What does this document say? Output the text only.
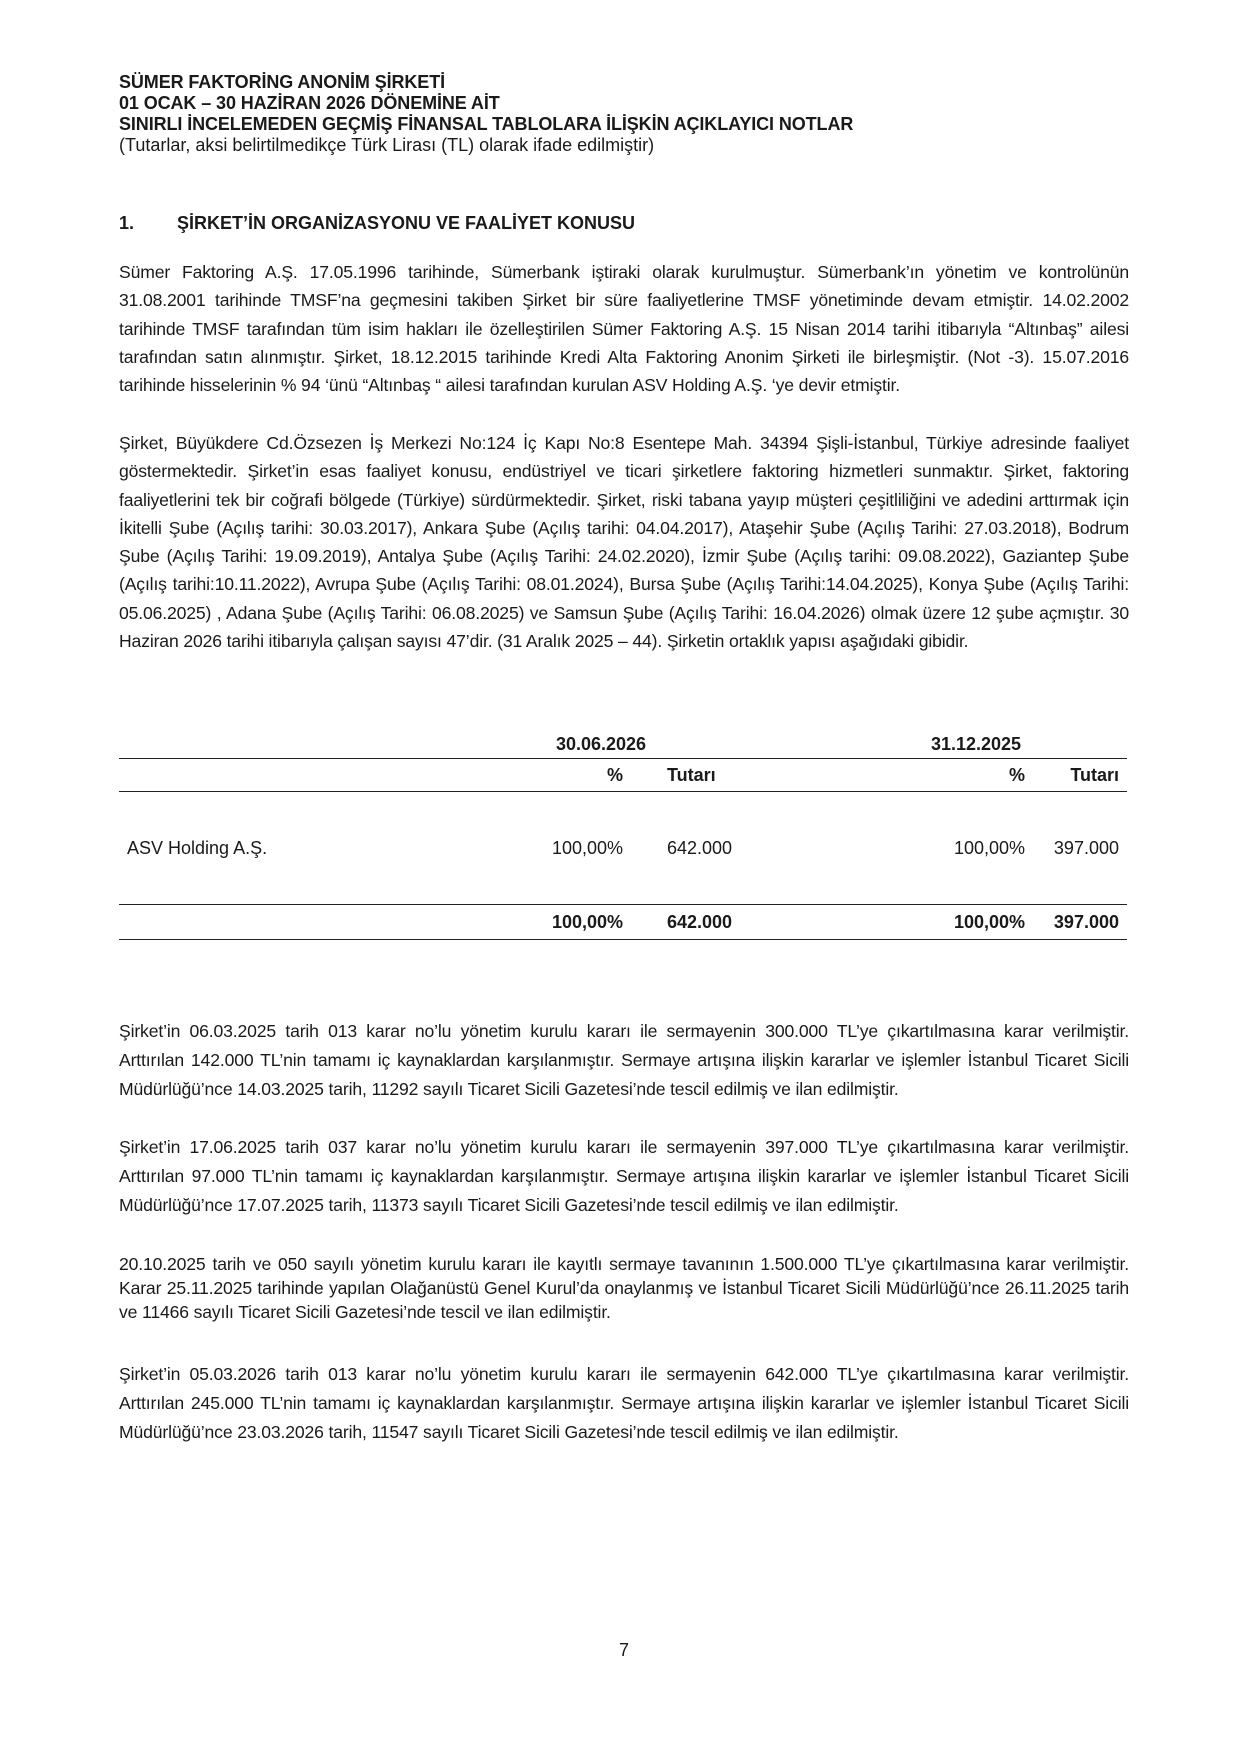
SÜMER FAKTORİNG ANONİM ŞİRKETİ
01 OCAK – 30 HAZİRAN 2026 DÖNEMİNE AİT
SINIRLI İNCELEMEDEN GEÇMİŞ FİNANSAL TABLOLARA İLİŞKİN AÇIKLAYICI NOTLAR
(Tutarlar, aksi belirtilmedikçe Türk Lirası (TL) olarak ifade edilmiştir)
1. ŞİRKET’İN ORGANİZASYONU VE FAALİYET KONUSU

Sümer Faktoring A.Ş. 17.05.1996 tarihinde, Sümerbank iştiraki olarak kurulmuştur. Sümerbank’ın yönetim ve kontrolünün 31.08.2001 tarihinde TMSF’na geçmesini takiben Şirket bir süre faaliyetlerine TMSF yönetiminde devam etmiştir. 14.02.2002 tarihinde TMSF tarafından tüm isim hakları ile özelleştirilen Sümer Faktoring A.Ş. 15 Nisan 2014 tarihi itibarıyla “Altınbaş” ailesi tarafından satın alınmıştır. Şirket, 18.12.2015 tarihinde Kredi Alta Faktoring Anonim Şirketi ile birleşmiştir. (Not -3). 15.07.2016 tarihinde hisselerinin % 94 ‘ünü “Altınbaş “ ailesi tarafından kurulan ASV Holding A.Ş. ‘ye devir etmiştir.

Şirket, Büyükdere Cd.Özsezen İş Merkezi No:124 İç Kapı No:8 Esentepe Mah. 34394 Şişli-İstanbul, Türkiye adresinde faaliyet göstermektedir. Şirket’in esas faaliyet konusu, endüstriyel ve ticari şirketlere faktoring hizmetleri sunmaktır. Şirket, faktoring faaliyetlerini tek bir coğrafi bölgede (Türkiye) sürdürmektedir. Şirket, riski tabana yayıp müşteri çeşitliliğini ve adedini arttırmak için İkitelli Şube (Açılış tarihi: 30.03.2017), Ankara Şube (Açılış tarihi: 04.04.2017), Ataşehir Şube (Açılış Tarihi: 27.03.2018), Bodrum Şube (Açılış Tarihi: 19.09.2019), Antalya Şube (Açılış Tarihi: 24.02.2020), İzmir Şube (Açılış tarihi: 09.08.2022), Gaziantep Şube (Açılış tarihi:10.11.2022), Avrupa Şube (Açılış Tarihi: 08.01.2024), Bursa Şube (Açılış Tarihi:14.04.2025), Konya Şube (Açılış Tarihi: 05.06.2025) , Adana Şube (Açılış Tarihi: 06.08.2025) ve Samsun Şube (Açılış Tarihi: 16.04.2026) olmak üzere 12 şube açmıştır. 30 Haziran 2026 tarihi itibarıyla çalışan sayısı 47’dir. (31 Aralık 2025 – 44). Şirketin ortaklık yapısı aşağıdaki gibidir.

	30.06.2026		31.12.2025	
	%	Tutarı	%	Tutarı
ASV Holding A.Ş.	100,00%	642.000	100,00%	397.000
	100,00%	642.000	100,00%	397.000

Şirket’in 06.03.2025 tarih 013 karar no’lu yönetim kurulu kararı ile sermayenin 300.000 TL’ye çıkartılmasına karar verilmiştir. Arttırılan 142.000 TL’nin tamamı iç kaynaklardan karşılanmıştır. Sermaye artışına ilişkin kararlar ve işlemler İstanbul Ticaret Sicili Müdürlüğü’nce 14.03.2025 tarih, 11292 sayılı Ticaret Sicili Gazetesi’nde tescil edilmiş ve ilan edilmiştir.

Şirket’in 17.06.2025 tarih 037 karar no’lu yönetim kurulu kararı ile sermayenin 397.000 TL’ye çıkartılmasına karar verilmiştir. Arttırılan 97.000 TL’nin tamamı iç kaynaklardan karşılanmıştır. Sermaye artışına ilişkin kararlar ve işlemler İstanbul Ticaret Sicili Müdürlüğü’nce 17.07.2025 tarih, 11373 sayılı Ticaret Sicili Gazetesi’nde tescil edilmiş ve ilan edilmiştir.

20.10.2025 tarih ve 050 sayılı yönetim kurulu kararı ile kayıtlı sermaye tavanının 1.500.000 TL’ye çıkartılmasına karar verilmiştir. Karar 25.11.2025 tarihinde yapılan Olağanüstü Genel Kurul’da onaylanmış ve İstanbul Ticaret Sicili Müdürlüğü’nce 26.11.2025 tarih ve 11466 sayılı Ticaret Sicili Gazetesi’nde tescil ve ilan edilmiştir.

Şirket’in 05.03.2026 tarih 013 karar no’lu yönetim kurulu kararı ile sermayenin 642.000 TL’ye çıkartılmasına karar verilmiştir. Arttırılan 245.000 TL’nin tamamı iç kaynaklardan karşılanmıştır. Sermaye artışına ilişkin kararlar ve işlemler İstanbul Ticaret Sicili Müdürlüğü’nce 23.03.2026 tarih, 11547 sayılı Ticaret Sicili Gazetesi’nde tescil edilmiş ve ilan edilmiştir.

7
